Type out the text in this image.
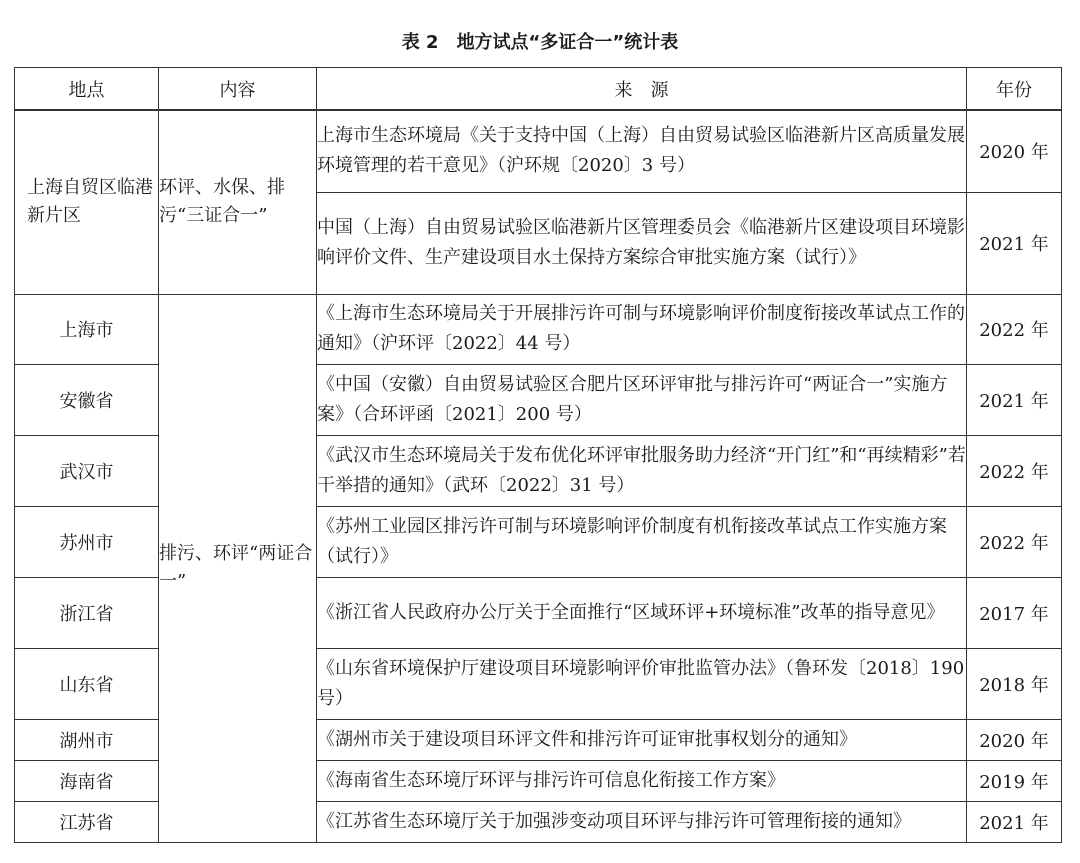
表 2 地方试点“多证合一”统计表
地点	内容	来　源	年份
上海自贸区临港新片区	环评、水保、排污“三证合一”	上海市生态环境局《关于支持中国（上海）自由贸易试验区临港新片区高质量发展环境管理的若干意见》（沪环规〔2020〕3 号）	2020 年
		中国（上海）自由贸易试验区临港新片区管理委员会《临港新片区建设项目环境影响评价文件、生产建设项目水土保持方案综合审批实施方案（试行）》	2021 年
上海市	排污、环评“两证合一”	《上海市生态环境局关于开展排污许可制与环境影响评价制度衔接改革试点工作的通知》（沪环评〔2022〕44 号）	2022 年
安徽省		《中国（安徽）自由贸易试验区合肥片区环评审批与排污许可“两证合一”实施方案》（合环评函〔2021〕200 号）	2021 年
武汉市		《武汉市生态环境局关于发布优化环评审批服务助力经济“开门红”和“再续精彩”若干举措的通知》（武环〔2022〕31 号）	2022 年
苏州市		《苏州工业园区排污许可制与环境影响评价制度有机衔接改革试点工作实施方案（试行）》	2022 年
浙江省		《浙江省人民政府办公厅关于全面推行“区域环评+环境标准”改革的指导意见》	2017 年
山东省		《山东省环境保护厅建设项目环境影响评价审批监管办法》（鲁环发〔2018〕190 号）	2018 年
湖州市		《湖州市关于建设项目环评文件和排污许可证审批事权划分的通知》	2020 年
海南省		《海南省生态环境厅环评与排污许可信息化衔接工作方案》	2019 年
江苏省		《江苏省生态环境厅关于加强涉变动项目环评与排污许可管理衔接的通知》	2021 年
